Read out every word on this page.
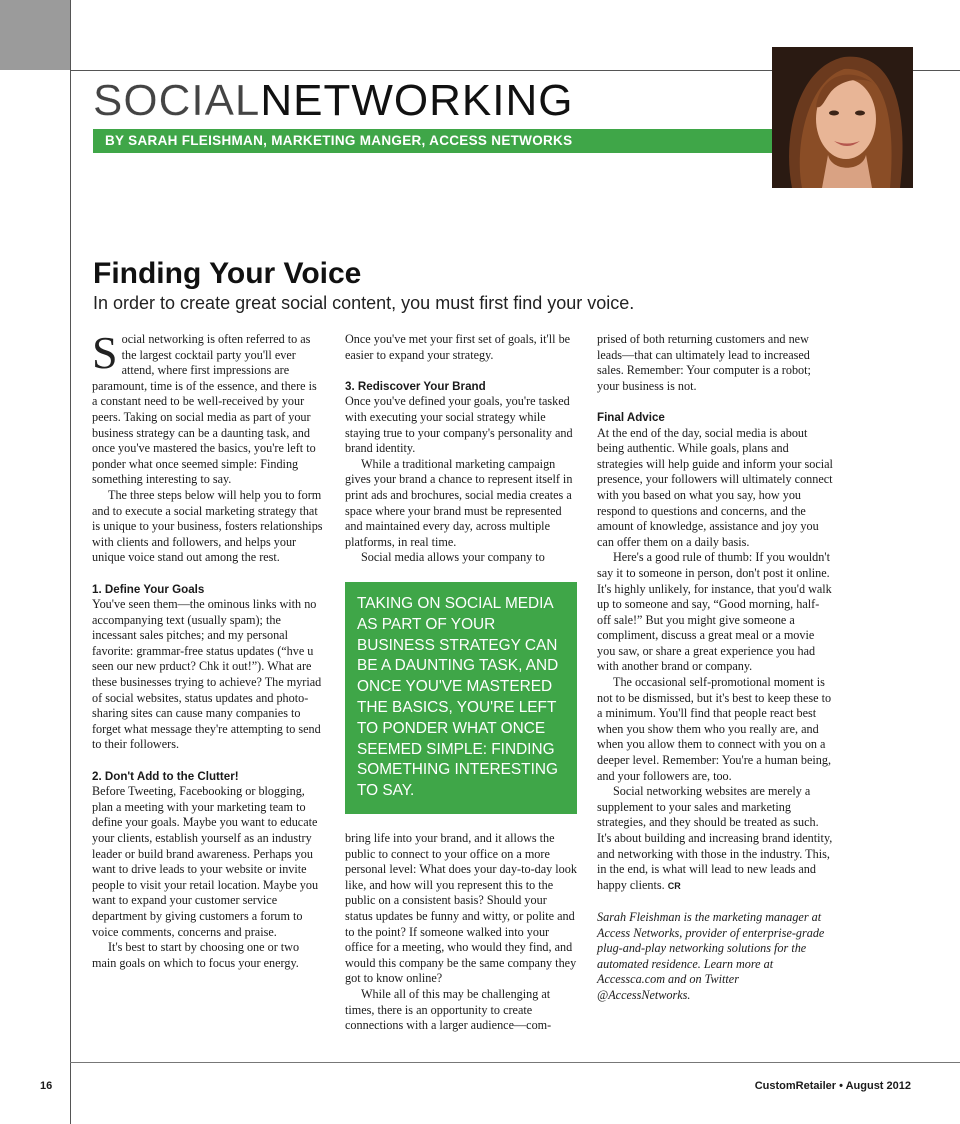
SOCIALNETWORKING
BY SARAH FLEISHMAN, MARKETING MANGER, ACCESS NETWORKS
Finding Your Voice
In order to create great social content, you must first find your voice.

Social networking is often referred to as the largest cocktail party you'll ever attend, where first impressions are paramount, time is of the essence, and there is a constant need to be well-received by your peers. Taking on social media as part of your business strategy can be a daunting task, and once you've mastered the basics, you're left to ponder what once seemed simple: Finding something interesting to say.

The three steps below will help you to form and to execute a social marketing strategy that is unique to your business, fosters relationships with clients and followers, and helps your unique voice stand out among the rest.

1. Define Your Goals

You've seen them—the ominous links with no accompanying text (usually spam); the incessant sales pitches; and my personal favorite: grammar-free status updates (“hve u seen our new prduct? Chk it out!”). What are these businesses trying to achieve? The myriad of social websites, status updates and photo-sharing sites can cause many companies to forget what message they're attempting to send to their followers.

2. Don't Add to the Clutter!

Before Tweeting, Facebooking or blogging, plan a meeting with your marketing team to define your goals. Maybe you want to educate your clients, establish yourself as an industry leader or build brand awareness. Perhaps you want to drive leads to your website or invite people to visit your retail location. Maybe you want to expand your customer service department by giving customers a forum to voice comments, concerns and praise.

It's best to start by choosing one or two main goals on which to focus your energy.

Once you've met your first set of goals, it'll be easier to expand your strategy.

3. Rediscover Your Brand

Once you've defined your goals, you're tasked with executing your social strategy while staying true to your company's personality and brand identity.

While a traditional marketing campaign gives your brand a chance to represent itself in print ads and brochures, social media creates a space where your brand must be represented and maintained every day, across multiple platforms, in real time.

Social media allows your company to

TAKING ON SOCIAL MEDIA AS PART OF YOUR BUSINESS STRATEGY CAN BE A DAUNTING TASK, AND ONCE YOU'VE MASTERED THE BASICS, YOU'RE LEFT TO PONDER WHAT ONCE SEEMED SIMPLE: FINDING SOMETHING INTERESTING TO SAY.

bring life into your brand, and it allows the public to connect to your office on a more personal level: What does your day-to-day look like, and how will you represent this to the public on a consistent basis? Should your status updates be funny and witty, or polite and to the point? If someone walked into your office for a meeting, who would they find, and would this company be the same company they got to know online?

While all of this may be challenging at times, there is an opportunity to create connections with a larger audience—com-

prised of both returning customers and new leads—that can ultimately lead to increased sales. Remember: Your computer is a robot; your business is not.

Final Advice

At the end of the day, social media is about being authentic. While goals, plans and strategies will help guide and inform your social presence, your followers will ultimately connect with you based on what you say, how you respond to questions and concerns, and the amount of knowledge, assistance and joy you can offer them on a daily basis.

Here's a good rule of thumb: If you wouldn't say it to someone in person, don't post it online. It's highly unlikely, for instance, that you'd walk up to someone and say, “Good morning, half-off sale!” But you might give someone a compliment, discuss a great meal or a movie you saw, or share a great experience you had with another brand or company.

The occasional self-promotional moment is not to be dismissed, but it's best to keep these to a minimum. You'll find that people react best when you show them who you really are, and when you allow them to connect with you on a deeper level. Remember: You're a human being, and your followers are, too.

Social networking websites are merely a supplement to your sales and marketing strategies, and they should be treated as such. It's about building and increasing brand identity, and networking with those in the industry. This, in the end, is what will lead to new leads and happy clients. CR

Sarah Fleishman is the marketing manager at Access Networks, provider of enterprise-grade plug-and-play networking solutions for the automated residence. Learn more at Accessca.com and on Twitter @AccessNetworks.

16	CustomRetailer • August 2012
